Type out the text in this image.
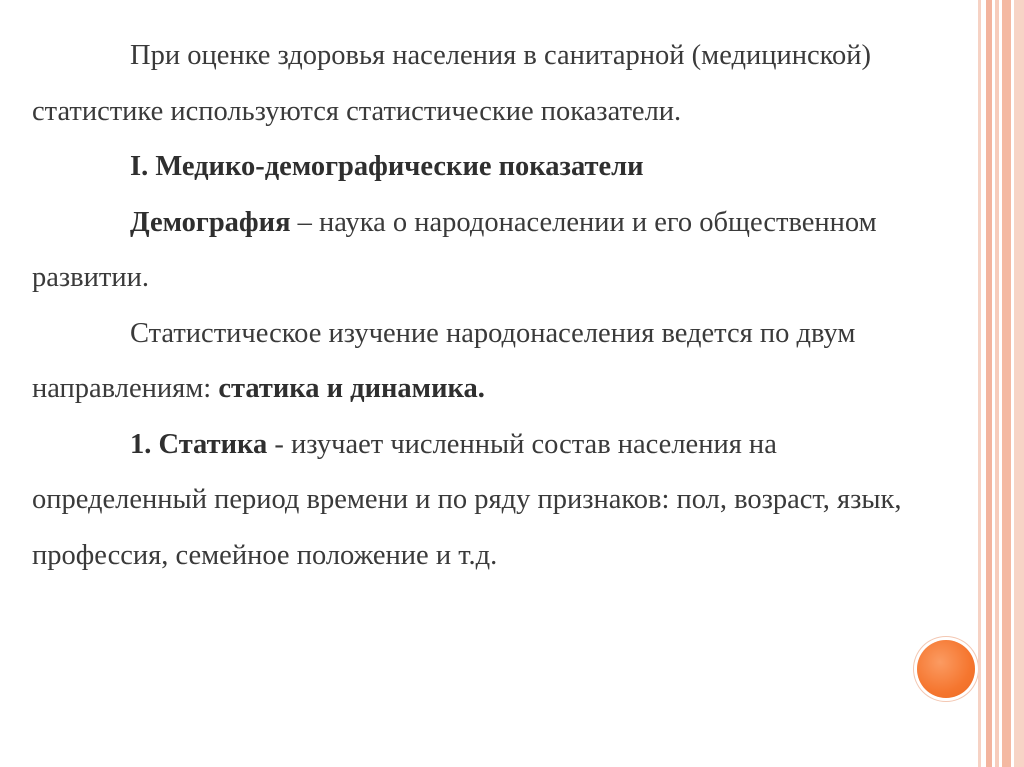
При оценке здоровья населения в санитарной (медицинской) статистике используются статистические показатели.

I. Медико-демографические показатели

Демография – наука о народонаселении и его общественном развитии.

Статистическое изучение народонаселения ведется по двум направлениям: статика и динамика.

1. Статика - изучает численный состав населения на определенный период времени и по ряду признаков: пол, возраст, язык, профессия, семейное положение и т.д.
